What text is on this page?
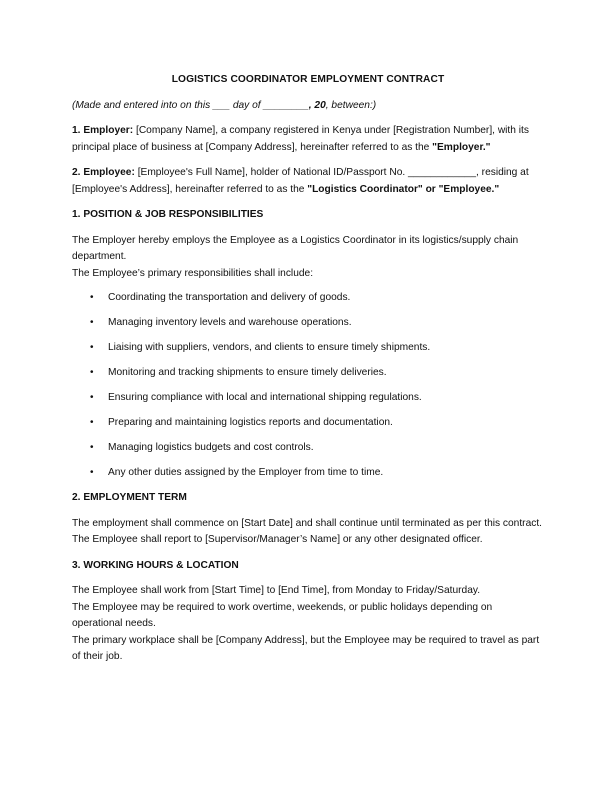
LOGISTICS COORDINATOR EMPLOYMENT CONTRACT
(Made and entered into on this ___ day of ________, 20, between:)

1. Employer: [Company Name], a company registered in Kenya under [Registration Number], with its principal place of business at [Company Address], hereinafter referred to as the "Employer."

2. Employee: [Employee's Full Name], holder of National ID/Passport No. ____________, residing at [Employee's Address], hereinafter referred to as the "Logistics Coordinator" or "Employee."

1. POSITION & JOB RESPONSIBILITIES

The Employer hereby employs the Employee as a Logistics Coordinator in its logistics/supply chain department.

The Employee’s primary responsibilities shall include:

• Coordinating the transportation and delivery of goods.
• Managing inventory levels and warehouse operations.
• Liaising with suppliers, vendors, and clients to ensure timely shipments.
• Monitoring and tracking shipments to ensure timely deliveries.
• Ensuring compliance with local and international shipping regulations.
• Preparing and maintaining logistics reports and documentation.
• Managing logistics budgets and cost controls.
• Any other duties assigned by the Employer from time to time.
2. EMPLOYMENT TERM

The employment shall commence on [Start Date] and shall continue until terminated as per this contract.

The Employee shall report to [Supervisor/Manager’s Name] or any other designated officer.

3. WORKING HOURS & LOCATION

The Employee shall work from [Start Time] to [End Time], from Monday to Friday/Saturday.

The Employee may be required to work overtime, weekends, or public holidays depending on operational needs.

The primary workplace shall be [Company Address], but the Employee may be required to travel as part of their job.
